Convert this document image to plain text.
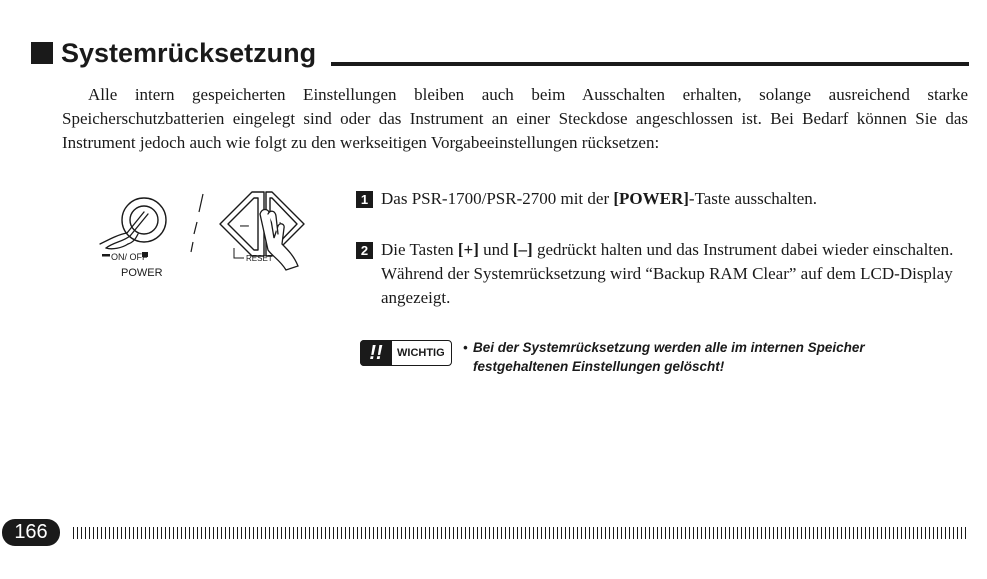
Systemrücksetzung

Alle intern gespeicherten Einstellungen bleiben auch beim Ausschalten erhalten, solange ausreichend starke Speicherschutzbatterien eingelegt sind oder das Instrument an einer Steckdose angeschlossen ist. Bei Bedarf können Sie das Instrument jedoch auch wie folgt zu den werkseitigen Vorgabeeinstellungen rücksetzen:

ON/ OFF
POWER
–
RESET
1 Das PSR-1700/PSR-2700 mit der [POWER]-Taste ausschalten.
2 Die Tasten [+] und [–] gedrückt halten und das Instrument dabei wieder einschalten. Während der Systemrücksetzung wird “Backup RAM Clear” auf dem LCD-Display angezeigt.
!!	WICHTIG • Bei der Systemrücksetzung werden alle im internen Speicher festgehaltenen Einstellungen gelöscht!
166
